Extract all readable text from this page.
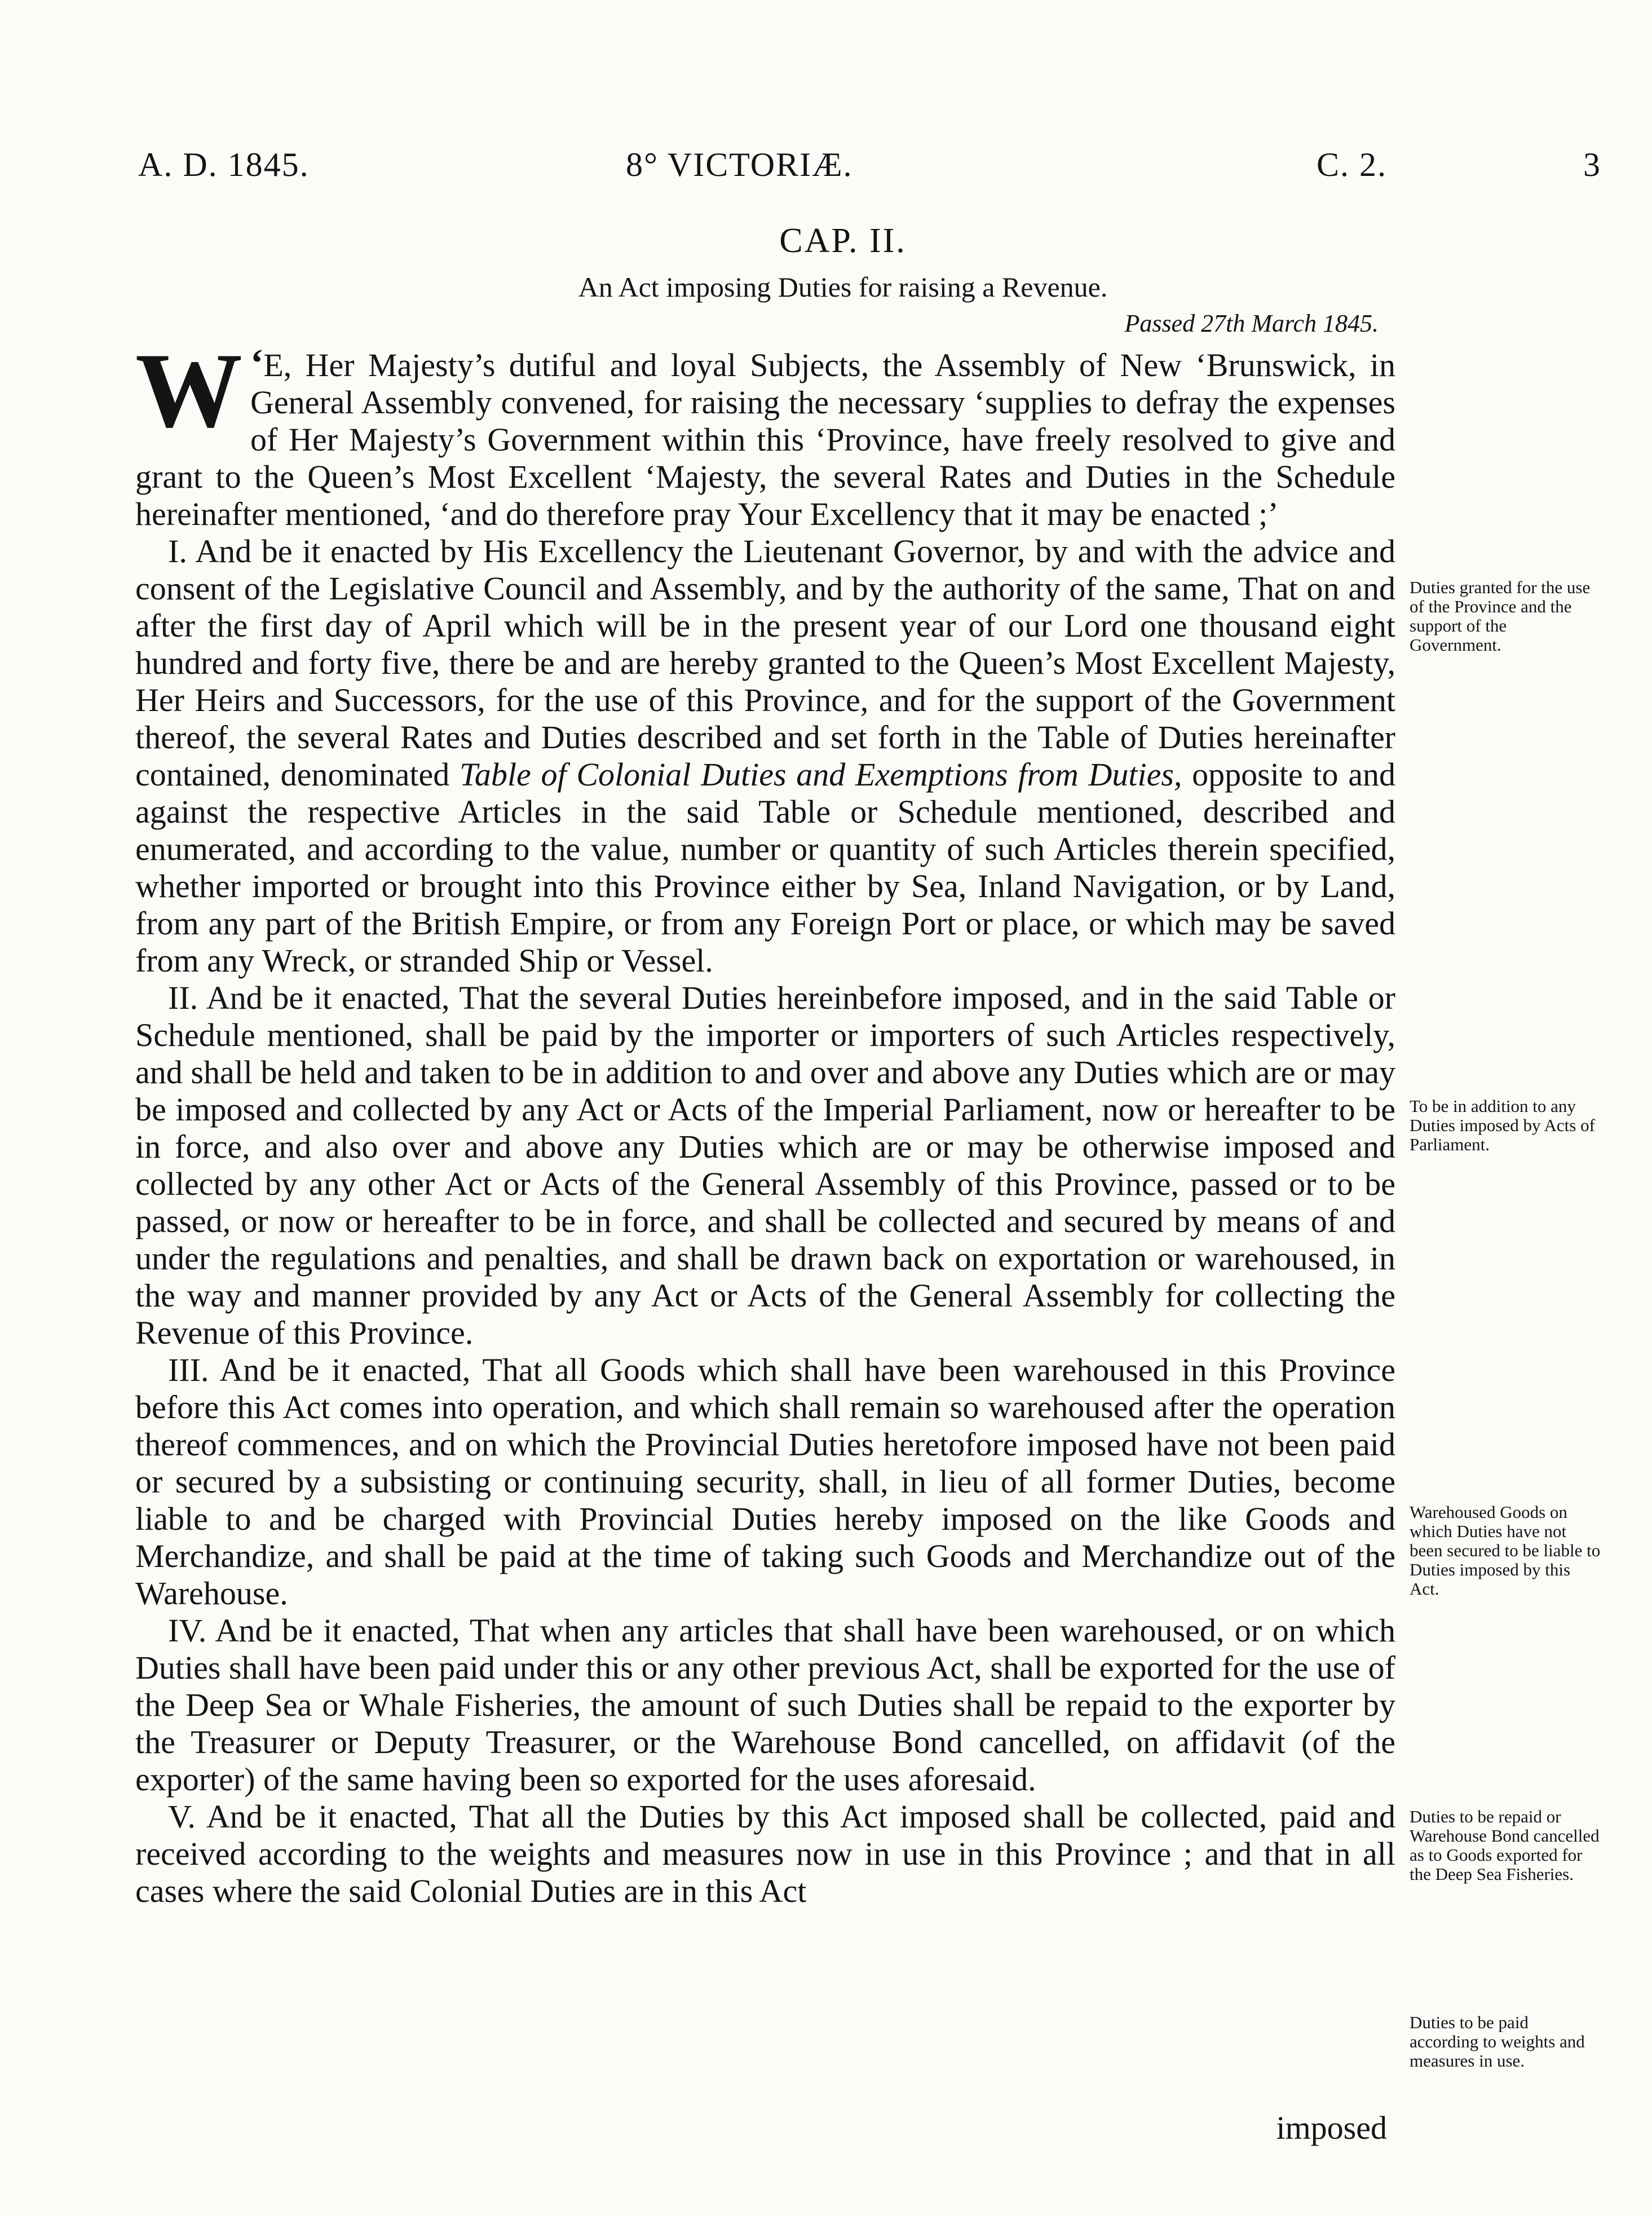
A. D. 1845.	8° VICTORIÆ.	C. 2.	3
CAP. II.
An Act imposing Duties for raising a Revenue.
Passed 27th March 1845.

‘
W E, Her Majesty’s dutiful and loyal Subjects, the Assembly of New ‘Brunswick, in General Assembly convened, for raising the necessary ‘supplies to defray the expenses of Her Majesty’s Government within this ‘Province, have freely resolved to give and grant to the Queen’s Most Excellent ‘Majesty, the several Rates and Duties in the Schedule hereinafter mentioned, ‘and do therefore pray Your Excellency that it may be enacted ;’

I. And be it enacted by His Excellency the Lieutenant Governor, by and with the advice and consent of the Legislative Council and Assembly, and by the authority of the same, That on and after the first day of April which will be in the present year of our Lord one thousand eight hundred and forty five, there be and are hereby granted to the Queen’s Most Excellent Majesty, Her Heirs and Successors, for the use of this Province, and for the support of the Government thereof, the several Rates and Duties described and set forth in the Table of Duties hereinafter contained, denominated Table of Colonial Duties and Exemptions from Duties, opposite to and against the respective Articles in the said Table or Schedule mentioned, described and enumerated, and according to the value, number or quantity of such Articles therein specified, whether imported or brought into this Province either by Sea, Inland Navigation, or by Land, from any part of the British Empire, or from any Foreign Port or place, or which may be saved from any Wreck, or stranded Ship or Vessel.

II. And be it enacted, That the several Duties hereinbefore imposed, and in the said Table or Schedule mentioned, shall be paid by the importer or importers of such Articles respectively, and shall be held and taken to be in addition to and over and above any Duties which are or may be imposed and collected by any Act or Acts of the Imperial Parliament, now or hereafter to be in force, and also over and above any Duties which are or may be otherwise imposed and collected by any other Act or Acts of the General Assembly of this Province, passed or to be passed, or now or hereafter to be in force, and shall be collected and secured by means of and under the regulations and penalties, and shall be drawn back on exportation or warehoused, in the way and manner provided by any Act or Acts of the General Assembly for collecting the Revenue of this Province.

III. And be it enacted, That all Goods which shall have been warehoused in this Province before this Act comes into operation, and which shall remain so warehoused after the operation thereof commences, and on which the Provincial Duties heretofore imposed have not been paid or secured by a subsisting or continuing security, shall, in lieu of all former Duties, become liable to and be charged with Provincial Duties hereby imposed on the like Goods and Merchandize, and shall be paid at the time of taking such Goods and Merchandize out of the Warehouse.

IV. And be it enacted, That when any articles that shall have been warehoused, or on which Duties shall have been paid under this or any other previous Act, shall be exported for the use of the Deep Sea or Whale Fisheries, the amount of such Duties shall be repaid to the exporter by the Treasurer or Deputy Treasurer, or the Warehouse Bond cancelled, on affidavit (of the exporter) of the same having been so exported for the uses aforesaid.

V. And be it enacted, That all the Duties by this Act imposed shall be collected, paid and received according to the weights and measures now in use in this Province ; and that in all cases where the said Colonial Duties are in this Act

Duties granted for the use of the Province and the support of the Government.
To be in addition to any Duties imposed by Acts of Parliament.
Warehoused Goods on which Duties have not been secured to be liable to Duties imposed by this Act.
Duties to be repaid or Warehouse Bond cancelled as to Goods exported for the Deep Sea Fisheries.
Duties to be paid according to weights and measures in use.
imposed
